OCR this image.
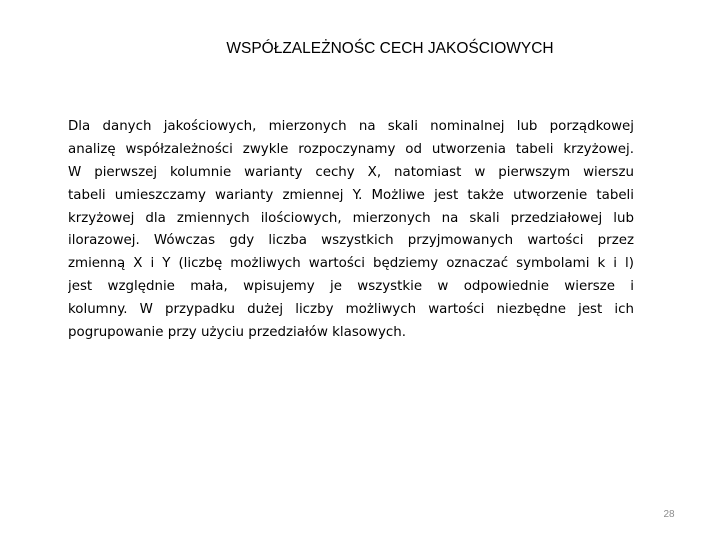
WSPÓŁZALEŻNOŚC CECH JAKOŚCIOWYCH
Dla danych jakościowych, mierzonych na skali nominalnej lub porządkowej
analizę współzależności zwykle rozpoczynamy od utworzenia tabeli krzyżowej.
W pierwszej kolumnie warianty cechy X, natomiast w pierwszym wierszu
tabeli umieszczamy warianty zmiennej Y. Możliwe jest także utworzenie tabeli
krzyżowej dla zmiennych ilościowych, mierzonych na skali przedziałowej lub
ilorazowej. Wówczas gdy liczba wszystkich przyjmowanych wartości przez
zmienną X i Y (liczbę możliwych wartości będziemy oznaczać symbolami k i l)
jest względnie mała, wpisujemy je wszystkie w odpowiednie wiersze i
kolumny. W przypadku dużej liczby możliwych wartości niezbędne jest ich
pogrupowanie przy użyciu przedziałów klasowych.
28
